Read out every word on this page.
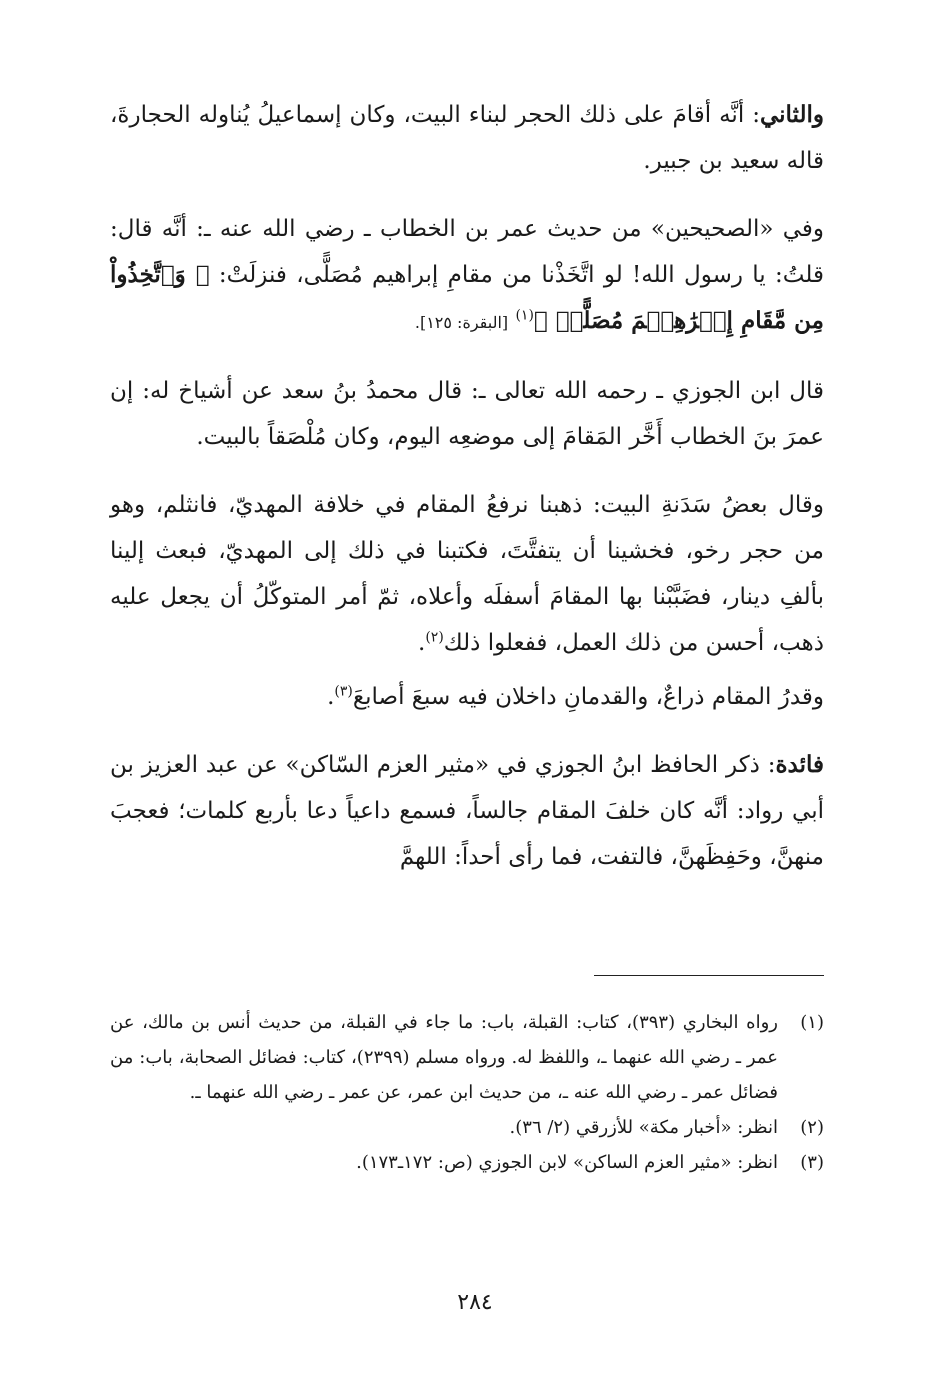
والثاني: أنَّه أقامَ على ذلك الحجر لبناء البيت، وكان إسماعيلُ يُناوله الحجارةَ، قاله سعيد بن جبير.

وفي «الصحيحين» من حديث عمر بن الخطاب ـ رضي الله عنه ـ: أنَّه قال: قلتُ: يا رسول الله! لو اتَّخَذْنا من مقامِ إبراهيم مُصَلًّى، فنزلَتْ: ﴿ وَٱتَّخِذُواْ مِن مَّقَامِ إِبۡرَٰهِـۧمَ مُصَلًّىۖ ﴾$^{(١)}$ [البقرة: ١٢٥].

قال ابن الجوزي ـ رحمه الله تعالى ـ: قال محمدُ بنُ سعد عن أشياخ له: إن عمرَ بنَ الخطاب أَخَّر المَقامَ إلى موضعِه اليوم، وكان مُلْصَقاً بالبيت.

وقال بعضُ سَدَنةِ البيت: ذهبنا نرفعُ المقام في خلافة المهديّ، فانثلم، وهو من حجر رخو، فخشينا أن يتفتَّتَ، فكتبنا في ذلك إلى المهديّ، فبعث إلينا بألفِ دينار، فضَبَّبْنا بها المقامَ أسفلَه وأعلاه، ثمّ أمر المتوكّلُ أن يجعل عليه ذهب، أحسن من ذلك العمل، ففعلوا ذلك$^{(٢)}$.

وقدرُ المقام ذراعٌ، والقدمانِ داخلان فيه سبعَ أصابعَ$^{(٣)}$.

فائدة: ذكر الحافظ ابنُ الجوزي في «مثير العزم السّاكن» عن عبد العزيز بن أبي رواد: أنَّه كان خلفَ المقام جالساً، فسمع داعياً دعا بأربع كلمات؛ فعجبَ منهنَّ، وحَفِظَهنَّ، فالتفت، فما رأى أحداً: اللهمَّ

(١)
رواه البخاري (٣٩٣)، كتاب: القبلة، باب: ما جاء في القبلة، من حديث أنس بن مالك، عن عمر ـ رضي الله عنهما ـ، واللفظ له. ورواه مسلم (٢٣٩٩)، كتاب: فضائل الصحابة، باب: من فضائل عمر ـ رضي الله عنه ـ، من حديث ابن عمر، عن عمر ـ رضي الله عنهما ـ.
(٢)
انظر: «أخبار مكة» للأزرقي (٢/ ٣٦).
(٣)
انظر: «مثير العزم الساكن» لابن الجوزي (ص: ١٧٢ـ١٧٣).
٢٨٤
